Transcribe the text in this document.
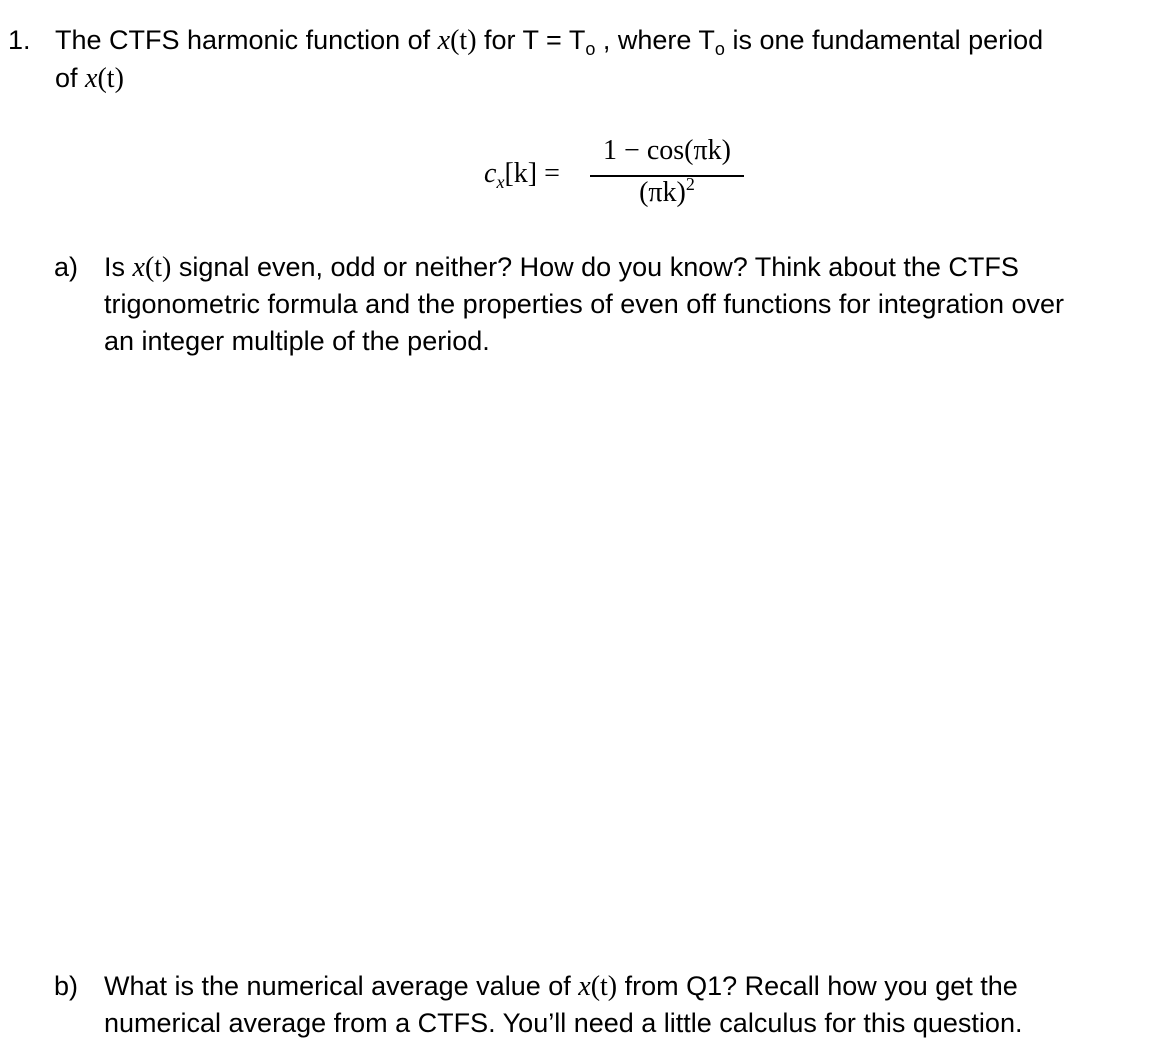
1. The CTFS harmonic function of x(t) for $T = T_o$ , where $T_o$ is one fundamental period
of x(t)
$c_x[k]$ =
1 − cos(πk)
$(\pi k)^2$
a) Is x(t) signal even, odd or neither? How do you know? Think about the CTFS
trigonometric formula and the properties of even off functions for integration over
an integer multiple of the period.
b) What is the numerical average value of x(t) from Q1? Recall how you get the
numerical average from a CTFS. You’ll need a little calculus for this question.
